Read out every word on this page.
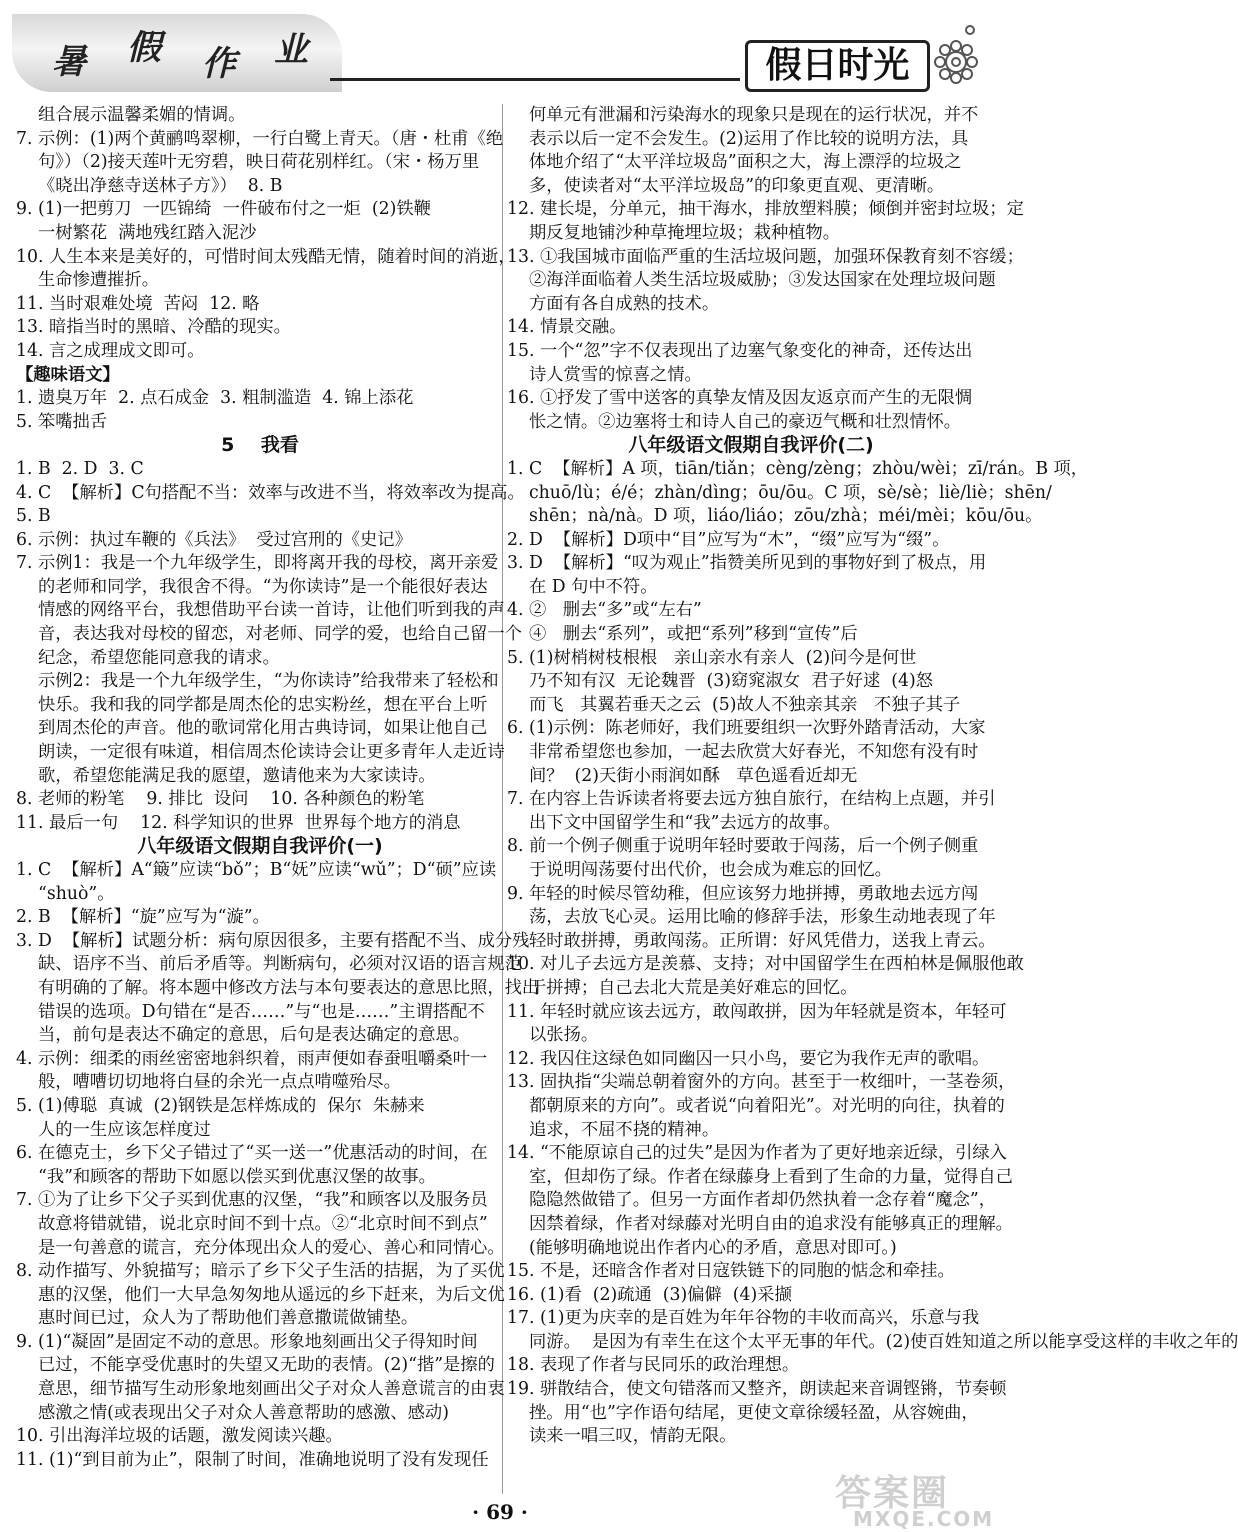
暑 假 作 业	假日时光
组合展示温馨柔媚的情调。
7. 示例：(1)两个黄鹂鸣翠柳，一行白鹭上青天。（唐・杜甫《绝
句》）（2)接天莲叶无穷碧，映日荷花别样红。（宋・杨万里
《晓出净慈寺送林子方》）  8. B
9. (1)一把剪刀  一匹锦绮  一件破布付之一炬  (2)铁鞭
一树繁花  满地残红踏入泥沙
10. 人生本来是美好的，可惜时间太残酷无情，随着时间的消逝，
生命惨遭摧折。
11. 当时艰难处境  苦闷  12. 略
13. 暗指当时的黑暗、冷酷的现实。
14. 言之成理成文即可。
【趣味语文】
1. 遗臭万年  2. 点石成金  3. 粗制滥造  4. 锦上添花
5. 笨嘴拙舌
5    我看
1. B  2. D  3. C
4. C  【解析】C句搭配不当：效率与改进不当，将效率改为提高。
5. B
6. 示例：执过车鞭的《兵法》  受过宫刑的《史记》
7. 示例1：我是一个九年级学生，即将离开我的母校，离开亲爱
的老师和同学，我很舍不得。“为你读诗”是一个能很好表达
情感的网络平台，我想借助平台读一首诗，让他们听到我的声
音，表达我对母校的留恋，对老师、同学的爱，也给自己留一个
纪念，希望您能同意我的请求。
示例2：我是一个九年级学生，“为你读诗”给我带来了轻松和
快乐。我和我的同学都是周杰伦的忠实粉丝，想在平台上听
到周杰伦的声音。他的歌词常化用古典诗词，如果让他自己
朗读，一定很有味道，相信周杰伦读诗会让更多青年人走近诗
歌，希望您能满足我的愿望，邀请他来为大家读诗。
8. 老师的粉笔    9. 排比  设问    10. 各种颜色的粉笔
11. 最后一句    12. 科学知识的世界  世界每个地方的消息
八年级语文假期自我评价(一)
1. C  【解析】A“簸”应读“bǒ”；B“妩”应读“wǔ”；D“硕”应读
“shuò”。
2. B  【解析】“旋”应写为“漩”。
3. D  【解析】试题分析：病句原因很多，主要有搭配不当、成分残
缺、语序不当、前后矛盾等。判断病句，必须对汉语的语言规范
有明确的了解。将本题中修改方法与本句要表达的意思比照，找出
错误的选项。D句错在“是否……”与“也是……”主谓搭配不
当，前句是表达不确定的意思，后句是表达确定的意思。
4. 示例：细柔的雨丝密密地斜织着，雨声便如春蚕咀嚼桑叶一
般，嘈嘈切切地将白昼的余光一点点啃噬殆尽。
5. (1)傅聪  真诚  (2)钢铁是怎样炼成的  保尔  朱赫来
人的一生应该怎样度过
6. 在德克士，乡下父子错过了“买一送一”优惠活动的时间，在
“我”和顾客的帮助下如愿以偿买到优惠汉堡的故事。
7. ①为了让乡下父子买到优惠的汉堡，“我”和顾客以及服务员
故意将错就错，说北京时间不到十点。②“北京时间不到点”
是一句善意的谎言，充分体现出众人的爱心、善心和同情心。
8. 动作描写、外貌描写；暗示了乡下父子生活的拮据，为了买优
惠的汉堡，他们一大早急匆匆地从遥远的乡下赶来，为后文优
惠时间已过，众人为了帮助他们善意撒谎做铺垫。
9. (1)“凝固”是固定不动的意思。形象地刻画出父子得知时间
已过，不能享受优惠时的失望又无助的表情。(2)“揩”是擦的
意思，细节描写生动形象地刻画出父子对众人善意谎言的由衷
感激之情(或表现出父子对众人善意帮助的感激、感动)
10. 引出海洋垃圾的话题，激发阅读兴趣。
11. (1)“到目前为止”，限制了时间，准确地说明了没有发现任
何单元有泄漏和污染海水的现象只是现在的运行状况，并不
表示以后一定不会发生。(2)运用了作比较的说明方法，具
体地介绍了“太平洋垃圾岛”面积之大，海上漂浮的垃圾之
多，使读者对“太平洋垃圾岛”的印象更直观、更清晰。
12. 建长堤，分单元，抽干海水，排放塑料膜；倾倒并密封垃圾；定
期反复地铺沙种草掩埋垃圾；栽种植物。
13. ①我国城市面临严重的生活垃圾问题，加强环保教育刻不容缓；
②海洋面临着人类生活垃圾威胁；③发达国家在处理垃圾问题
方面有各自成熟的技术。
14. 情景交融。
15. 一个“忽”字不仅表现出了边塞气象变化的神奇，还传达出
诗人赏雪的惊喜之情。
16. ①抒发了雪中送客的真挚友情及因友返京而产生的无限惆
怅之情。②边塞将士和诗人自己的豪迈气概和壮烈情怀。
八年级语文假期自我评价(二)
1. C  【解析】A 项，tiān/tiǎn；cèng/zèng；zhòu/wèi；zī/rán。B 项，
chuō/lù；é/é；zhàn/dìng；ōu/ōu。C 项，sè/sè；liè/liè；shēn/
shēn；nà/nà。D 项，liáo/liáo；zōu/zhà；méi/mèi；kōu/ōu。
2. D  【解析】D项中“目”应写为“木”，“缀”应写为“缀”。
3. D  【解析】“叹为观止”指赞美所见到的事物好到了极点，用
在 D 句中不符。
4. ②   删去“多”或“左右”
④   删去“系列”，或把“系列”移到“宣传”后
5. (1)树梢树枝根根   亲山亲水有亲人  (2)问今是何世
乃不知有汉  无论魏晋  (3)窈窕淑女  君子好逑  (4)怒
而飞   其翼若垂天之云  (5)故人不独亲其亲   不独子其子
6. (1)示例：陈老师好，我们班要组织一次野外踏青活动，大家
非常希望您也参加，一起去欣赏大好春光，不知您有没有时
间？  (2)天街小雨润如酥   草色遥看近却无
7. 在内容上告诉读者将要去远方独自旅行，在结构上点题，并引
出下文中国留学生和“我”去远方的故事。
8. 前一个例子侧重于说明年轻时要敢于闯荡，后一个例子侧重
于说明闯荡要付出代价，也会成为难忘的回忆。
9. 年轻的时候尽管幼稚，但应该努力地拼搏，勇敢地去远方闯
荡，去放飞心灵。运用比喻的修辞手法，形象生动地表现了年
轻时敢拼搏，勇敢闯荡。正所谓：好风凭借力，送我上青云。
10. 对儿子去远方是羡慕、支持；对中国留学生在西柏林是佩服他敢
于拼搏；自己去北大荒是美好难忘的回忆。
11. 年轻时就应该去远方，敢闯敢拼，因为年轻就是资本，年轻可
以张扬。
12. 我囚住这绿色如同幽囚一只小鸟，要它为我作无声的歌唱。
13. 固执指“尖端总朝着窗外的方向。甚至于一枚细叶，一茎卷须，
都朝原来的方向”。或者说“向着阳光”。对光明的向往，执着的
追求，不屈不挠的精神。
14. “不能原谅自己的过失”是因为作者为了更好地亲近绿，引绿入
室，但却伤了绿。作者在绿藤身上看到了生命的力量，觉得自己
隐隐然做错了。但另一方面作者却仍然执着一念存着“魔念”，
因禁着绿，作者对绿藤对光明自由的追求没有能够真正的理解。
(能够明确地说出作者内心的矛盾，意思对即可。)
15. 不是，还暗含作者对日寇铁链下的同胞的惦念和牵挂。
16. (1)看  (2)疏通  (3)偏僻  (4)采撷
17. (1)更为庆幸的是百姓为年年谷物的丰收而高兴，乐意与我
同游。  是因为有幸生在这个太平无事的年代。(2)使百姓知道之所以能享受这样的丰收之年的
18. 表现了作者与民同乐的政治理想。
19. 骈散结合，使文句错落而又整齐，朗读起来音调铿锵，节奏顿
挫。用“也”字作语句结尾，更使文章徐缓轻盈，从容婉曲，
读来一唱三叹，情韵无限。
· 69 ·	答案圈
MXQE.COM
